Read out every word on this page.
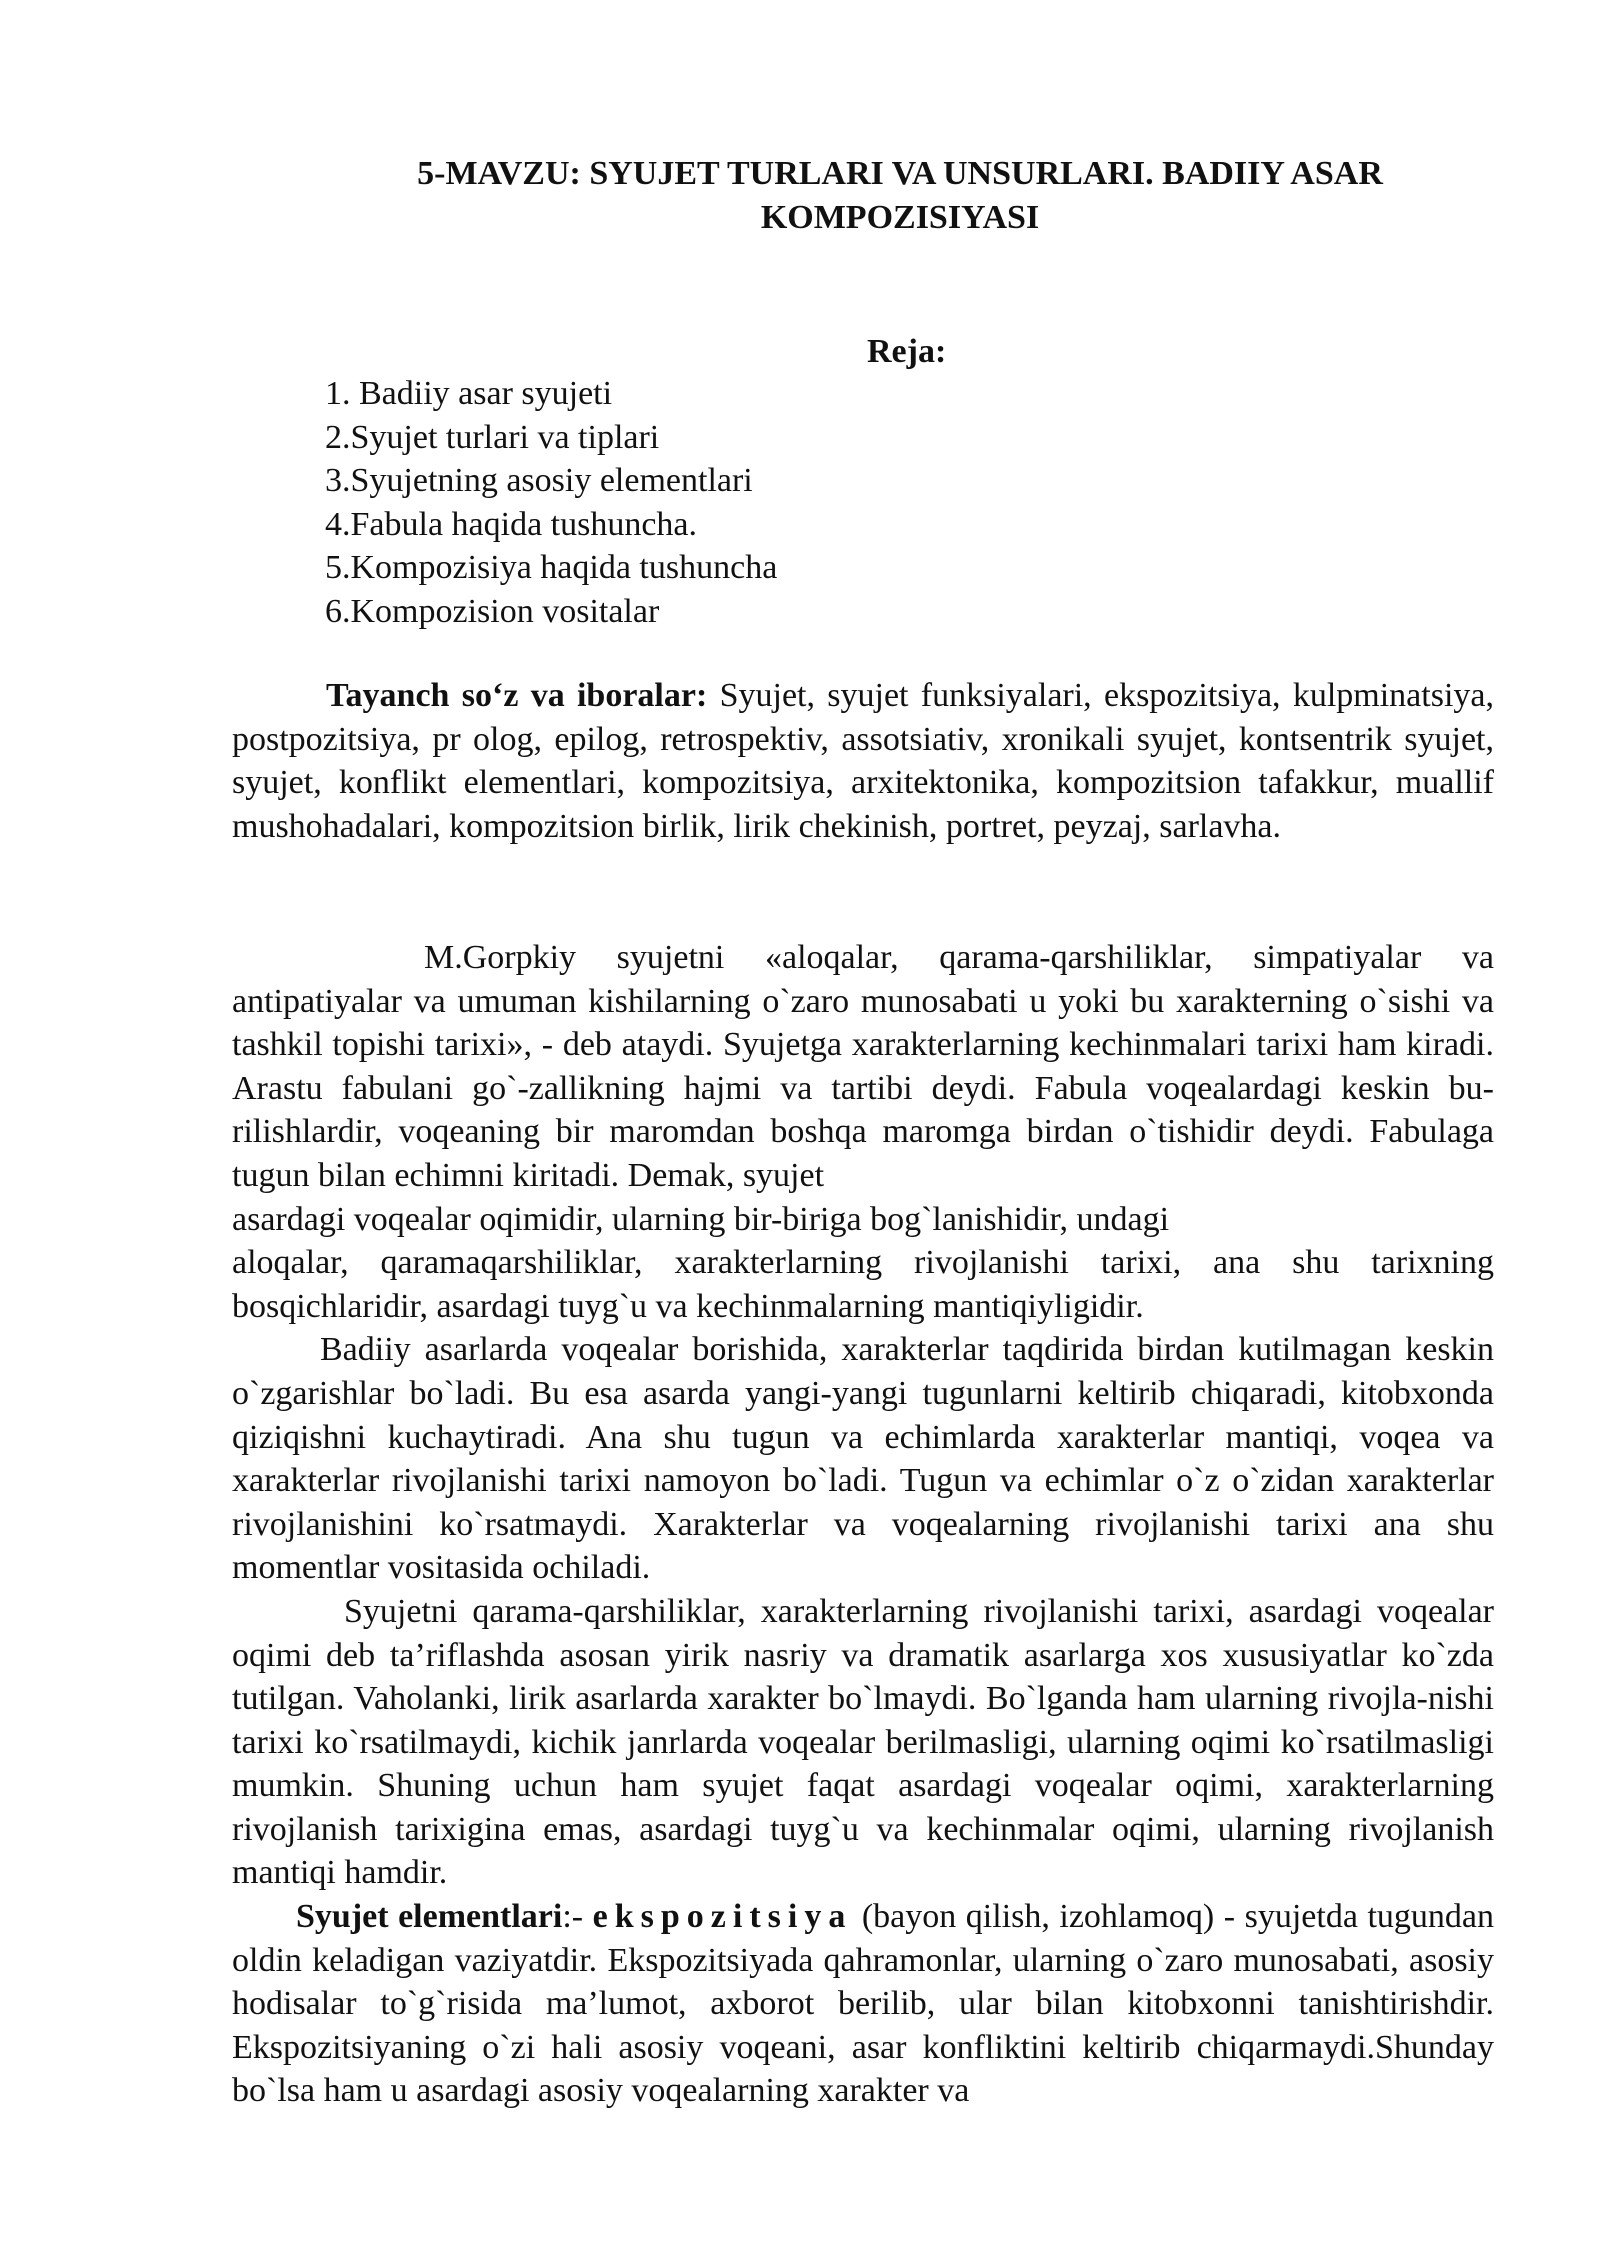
5-MAVZU: SYUJET TURLARI VA UNSURLARI. BADIIY ASAR
KOMPOZISIYASI
Reja:
1. Badiiy asar syujeti
2.Syujet turlari va tiplari
3.Syujetning asosiy elementlari
4.Fabula haqida tushuncha.
5.Kompozisiya haqida tushuncha
6.Kompozision vositalar

Tayanch so‘z va iboralar: Syujet, syujet funksiyalari, ekspozitsiya, kulpminatsiya, postpozitsiya, pr olog, epilog, retrospektiv, assotsiativ, xronikali syujet, kontsentrik syujet, syujet, konflikt elementlari, kompozitsiya, arxitektonika, kompozitsion tafakkur, muallif mushohadalari, kompozitsion birlik, lirik chekinish, portret, peyzaj, sarlavha.

M.Gorpkiy syujetni «aloqalar, qarama-qarshiliklar, simpatiyalar va antipatiyalar va umuman kishilarning o`zaro munosabati u yoki bu xarakterning o`sishi va tashkil topishi tarixi», - deb ataydi. Syujetga xarakterlarning kechinmalari tarixi ham kiradi. Arastu fabulani go`-zallikning hajmi va tartibi deydi. Fabula voqealardagi keskin bu-rilishlardir, voqeaning bir maromdan boshqa maromga birdan o`tishidir deydi. Fabulaga tugun bilan echimni kiritadi. Demak, syujet

asardagi voqealar oqimidir, ularning bir-biriga bog`lanishidir, undagi

aloqalar, qaramaqarshiliklar, xarakterlarning rivojlanishi tarixi, ana shu tarixning bosqichlaridir, asardagi tuyg`u va kechinmalarning mantiqiyligidir.

Badiiy asarlarda voqealar borishida, xarakterlar taqdirida birdan kutilmagan keskin o`zgarishlar bo`ladi. Bu esa asarda yangi-yangi tugunlarni keltirib chiqaradi, kitobxonda qiziqishni kuchaytiradi. Ana shu tugun va echimlarda xarakterlar mantiqi, voqea va xarakterlar rivojlanishi tarixi namoyon bo`ladi. Tugun va echimlar o`z o`zidan xarakterlar rivojlanishini ko`rsatmaydi. Xarakterlar va voqealarning rivojlanishi tarixi ana shu momentlar vositasida ochiladi.

Syujetni qarama-qarshiliklar, xarakterlarning rivojlanishi tarixi, asardagi voqealar oqimi deb ta’riflashda asosan yirik nasriy va dramatik asarlarga xos xususiyatlar ko`zda tutilgan. Vaholanki, lirik asarlarda xarakter bo`lmaydi. Bo`lganda ham ularning rivojla-nishi tarixi ko`rsatilmaydi, kichik janrlarda voqealar berilmasligi, ularning oqimi ko`rsatilmasligi mumkin. Shuning uchun ham syujet faqat asardagi voqealar oqimi, xarakterlarning rivojlanish tarixigina emas, asardagi tuyg`u va kechinmalar oqimi, ularning rivojlanish mantiqi hamdir.

Syujet elementlari:- ekspozitsiya (bayon qilish, izohlamoq) - syujetda tugundan oldin keladigan vaziyatdir. Ekspozitsiyada qahramonlar, ularning o`zaro munosabati, asosiy hodisalar to`g`risida ma’lumot, axborot berilib, ular bilan kitobxonni tanishtirishdir. Ekspozitsiyaning o`zi hali asosiy voqeani, asar konfliktini keltirib chiqarmaydi.Shunday bo`lsa ham u asardagi asosiy voqealarning xarakter va
